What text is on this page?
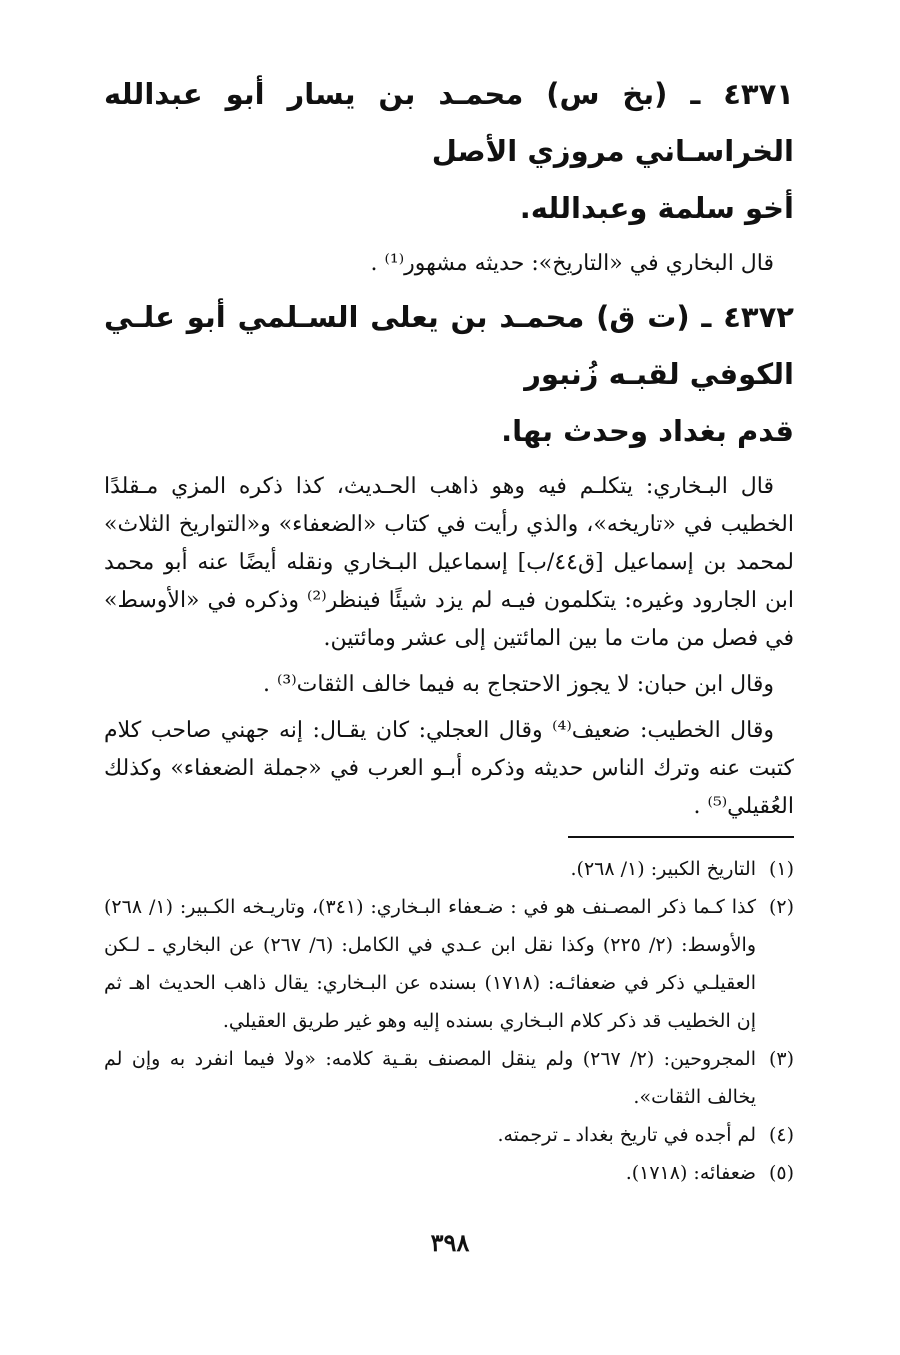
٤٣٧١ ـ (بخ س) محمـد بن يسار أبو عبدالله الخراسـاني مروزي الأصل

أخو سلمة وعبدالله.

قال البخاري في «التاريخ»: حديثه مشهور⁽¹⁾ .

٤٣٧٢ ـ (ت ق) محمـد بن يعلى السـلمي أبو علـي الكوفي لقبـه زُنبور

قدم بغداد وحدث بها.

قال البـخاري: يتكلـم فيه وهو ذاهب الحـديث، كذا ذكره المزي مـقلدًا الخطيب في «تاريخه»، والذي رأيت في كتاب «الضعفاء» و«التواريخ الثلاث» لمحمد بن إسماعيل [ق٤٤/ب] إسماعيل البـخاري ونقله أيضًا عنه أبو محمد ابن الجارود وغيره: يتكلمون فيـه لم يزد شيئًا فينظر⁽²⁾ وذكره في «الأوسط» في فصل من مات ما بين المائتين إلى عشر ومائتين.

وقال ابن حبان: لا يجوز الاحتجاج به فيما خالف الثقات⁽³⁾ .

وقال الخطيب: ضعيف⁽⁴⁾ وقال العجلي: كان يقـال: إنه جهني صاحب كلام كتبت عنه وترك الناس حديثه وذكره أبـو العرب في «جملة الضعفاء» وكذلك العُقيلي⁽⁵⁾ .

(١)
التاريخ الكبير: (١/ ٢٦٨).
(٢)
كذا كـما ذكر المصـنف هو في : ضـعفاء البـخاري: (٣٤١)، وتاريـخه الكـبير: (١/ ٢٦٨) والأوسط: (٢/ ٢٢٥) وكذا نقل ابن عـدي في الكامل: (٦/ ٢٦٧) عن البخاري ـ لـكن العقيلـي ذكر في ضعفائـه: (١٧١٨) بسنده عن البـخاري: يقال ذاهب الحديث اهـ ثم إن الخطيب قد ذكر كلام البـخاري بسنده إليه وهو غير طريق العقيلي.
(٣)
المجروحين: (٢/ ٢٦٧) ولم ينقل المصنف بقـية كلامه: «ولا فيما انفرد به وإن لم يخالف الثقات».
(٤)
لم أجده في تاريخ بغداد ـ ترجمته.
(٥)
ضعفائه: (١٧١٨).
٣٩٨
